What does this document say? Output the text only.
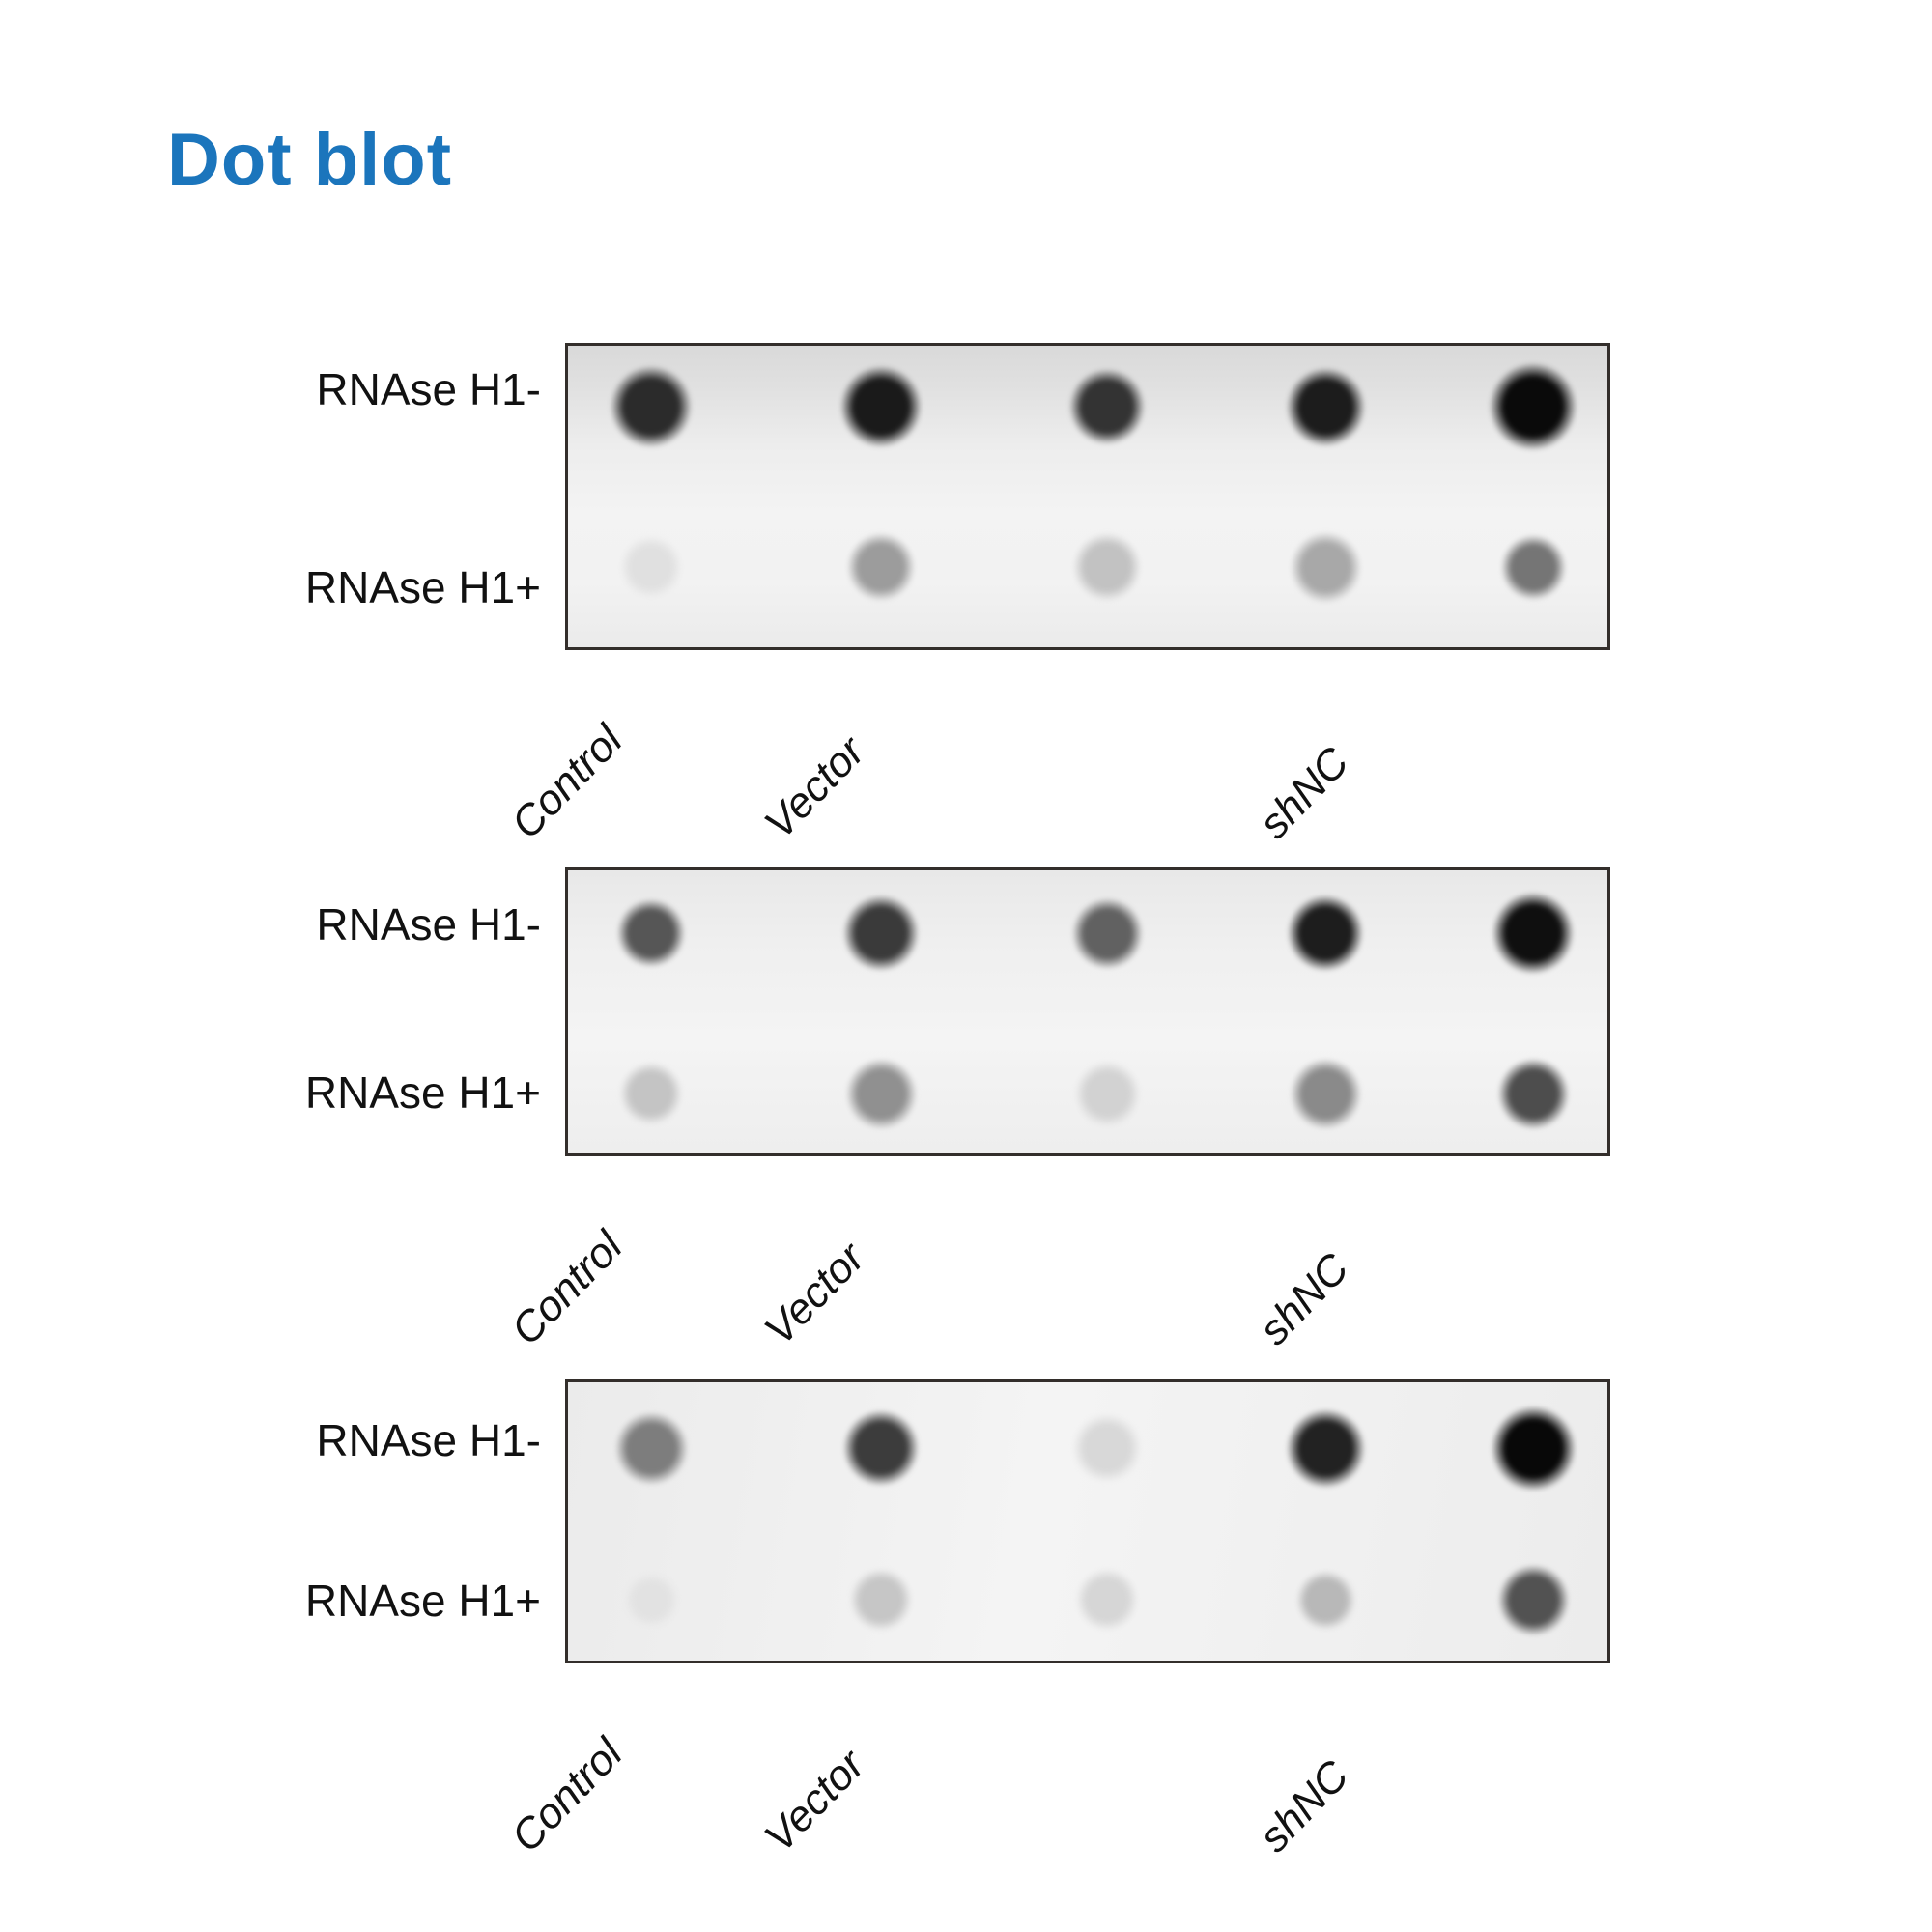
Dot blot
RNAse H1-
RNAse H1+
Control	Vector	shNC
RNAse H1-
RNAse H1+
Control	Vector	shNC
RNAse H1-
RNAse H1+
Control	Vector	shNC
